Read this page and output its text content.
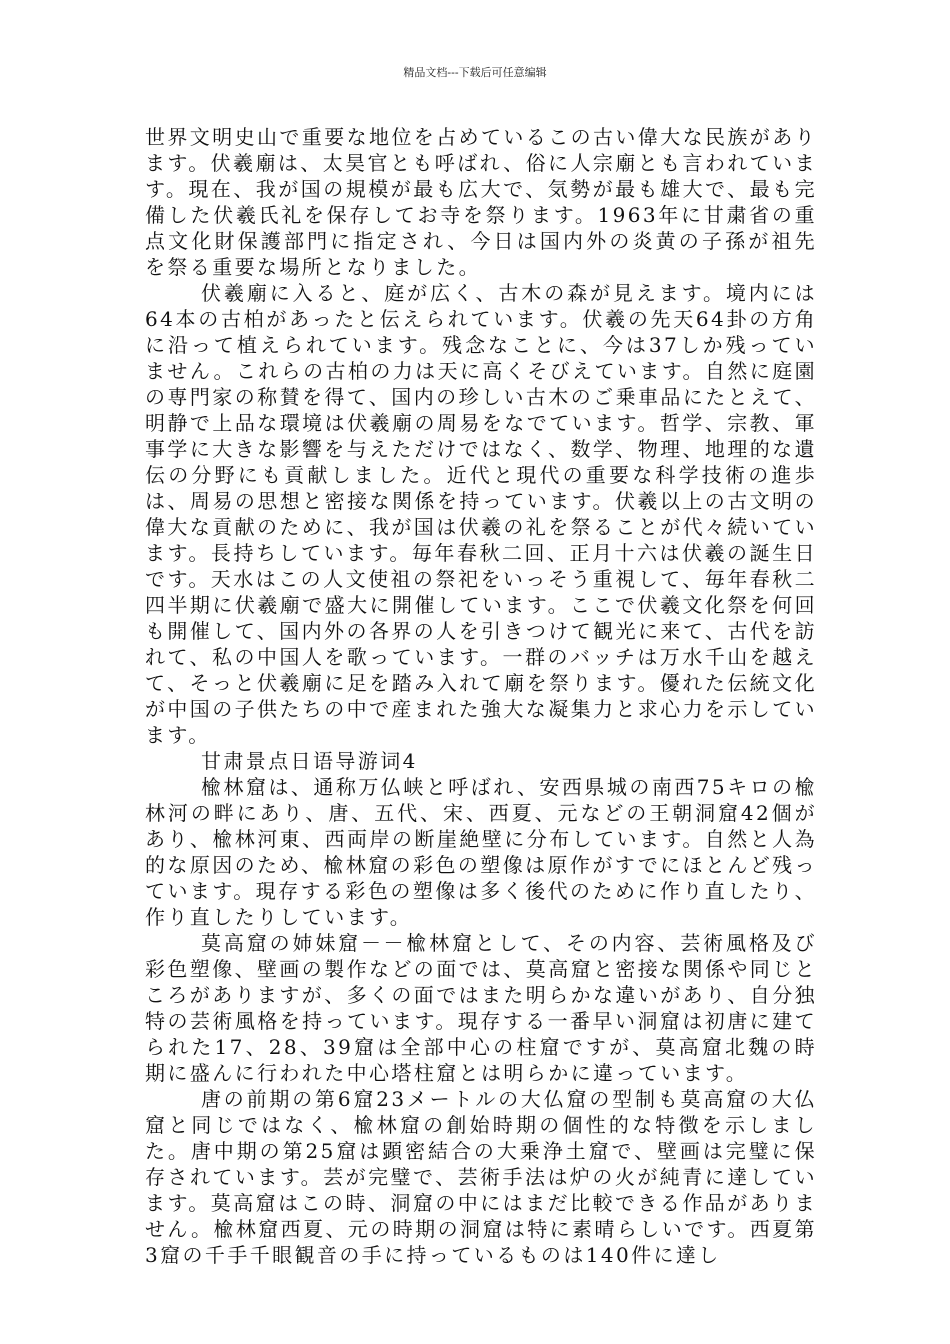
精品文档---下载后可任意编辑

世界文明史山で重要な地位を占めているこの古い偉大な民族があります。伏羲廟は、太昊官とも呼ばれ、俗に人宗廟とも言われています。現在、我が国の規模が最も広大で、気勢が最も雄大で、最も完備した伏羲氏礼を保存してお寺を祭ります。1963年に甘粛省の重点文化財保護部門に指定され、今日は国内外の炎黄の子孫が祖先を祭る重要な場所となりました。

伏羲廟に入ると、庭が広く、古木の森が見えます。境内には64本の古柏があったと伝えられています。伏羲の先天64卦の方角に沿って植えられています。残念なことに、今は37しか残っていません。これらの古柏の力は天に高くそびえています。自然に庭園の専門家の称賛を得て、国内の珍しい古木のご乗車品にたとえて、明静で上品な環境は伏羲廟の周易をなでています。哲学、宗教、軍事学に大きな影響を与えただけではなく、数学、物理、地理的な遺伝の分野にも貢献しました。近代と現代の重要な科学技術の進歩は、周易の思想と密接な関係を持っています。伏羲以上の古文明の偉大な貢献のために、我が国は伏羲の礼を祭ることが代々続いています。長持ちしています。毎年春秋二回、正月十六は伏羲の誕生日です。天水はこの人文使祖の祭祀をいっそう重視して、毎年春秋二四半期に伏羲廟で盛大に開催しています。ここで伏羲文化祭を何回も開催して、国内外の各界の人を引きつけて観光に来て、古代を訪れて、私の中国人を歌っています。一群のバッチは万水千山を越えて、そっと伏羲廟に足を踏み入れて廟を祭ります。優れた伝統文化が中国の子供たちの中で産まれた強大な凝集力と求心力を示しています。

甘肃景点日语导游词4

楡林窟は、通称万仏峡と呼ばれ、安西県城の南西75キロの楡林河の畔にあり、唐、五代、宋、西夏、元などの王朝洞窟42個があり、楡林河東、西両岸の断崖絶壁に分布しています。自然と人為的な原因のため、楡林窟の彩色の塑像は原作がすでにほとんど残っています。現存する彩色の塑像は多く後代のために作り直したり、作り直したりしています。

莫高窟の姉妹窟－－楡林窟として、その内容、芸術風格及び彩色塑像、壁画の製作などの面では、莫高窟と密接な関係や同じところがありますが、多くの面ではまた明らかな違いがあり、自分独特の芸術風格を持っています。現存する一番早い洞窟は初唐に建てられた17、28、39窟は全部中心の柱窟ですが、莫高窟北魏の時期に盛んに行われた中心塔柱窟とは明らかに違っています。

唐の前期の第6窟23メートルの大仏窟の型制も莫高窟の大仏窟と同じではなく、楡林窟の創始時期の個性的な特徴を示しました。唐中期の第25窟は顕密結合の大乗浄土窟で、壁画は完璧に保存されています。芸が完璧で、芸術手法は炉の火が純青に達しています。莫高窟はこの時、洞窟の中にはまだ比較できる作品がありません。楡林窟西夏、元の時期の洞窟は特に素晴らしいです。西夏第3窟の千手千眼観音の手に持っているものは140件に達し
